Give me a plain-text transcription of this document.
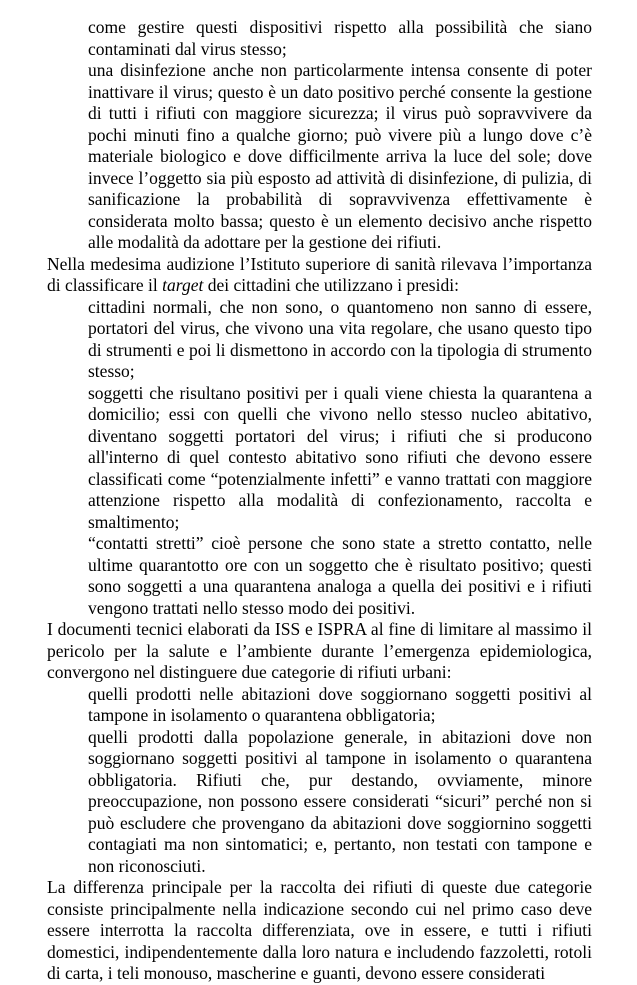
come gestire questi dispositivi rispetto alla possibilità che siano contaminati dal virus stesso;

una disinfezione anche non particolarmente intensa consente di poter inattivare il virus; questo è un dato positivo perché consente la gestione di tutti i rifiuti con maggiore sicurezza; il virus può sopravvivere da pochi minuti fino a qualche giorno; può vivere più a lungo dove c’è materiale biologico e dove difficilmente arriva la luce del sole; dove invece l’oggetto sia più esposto ad attività di disinfezione, di pulizia, di sanificazione la probabilità di sopravvivenza effettivamente è considerata molto bassa; questo è un elemento decisivo anche rispetto alle modalità da adottare per la gestione dei rifiuti.

Nella medesima audizione l’Istituto superiore di sanità rilevava l’importanza di classificare il target dei cittadini che utilizzano i presidi:

cittadini normali, che non sono, o quantomeno non sanno di essere, portatori del virus, che vivono una vita regolare, che usano questo tipo di strumenti e poi li dismettono in accordo con la tipologia di strumento stesso;

soggetti che risultano positivi per i quali viene chiesta la quarantena a domicilio; essi con quelli che vivono nello stesso nucleo abitativo, diventano soggetti portatori del virus; i rifiuti che si producono all'interno di quel contesto abitativo sono rifiuti che devono essere classificati come “potenzialmente infetti” e vanno trattati con maggiore attenzione rispetto alla modalità di confezionamento, raccolta e smaltimento;

“contatti stretti” cioè persone che sono state a stretto contatto, nelle ultime quarantotto ore con un soggetto che è risultato positivo; questi sono soggetti a una quarantena analoga a quella dei positivi e i rifiuti vengono trattati nello stesso modo dei positivi.

I documenti tecnici elaborati da ISS e ISPRA al fine di limitare al massimo il pericolo per la salute e l’ambiente durante l’emergenza epidemiologica, convergono nel distinguere due categorie di rifiuti urbani:

quelli prodotti nelle abitazioni dove soggiornano soggetti positivi al tampone in isolamento o quarantena obbligatoria;

quelli prodotti dalla popolazione generale, in abitazioni dove non soggiornano soggetti positivi al tampone in isolamento o quarantena obbligatoria. Rifiuti che, pur destando, ovviamente, minore preoccupazione, non possono essere considerati “sicuri” perché non si può escludere che provengano da abitazioni dove soggiornino soggetti contagiati ma non sintomatici; e, pertanto, non testati con tampone e non riconosciuti.

La differenza principale per la raccolta dei rifiuti di queste due categorie consiste principalmente nella indicazione secondo cui nel primo caso deve essere interrotta la raccolta differenziata, ove in essere, e tutti i rifiuti domestici, indipendentemente dalla loro natura e includendo fazzoletti, rotoli di carta, i teli monouso, mascherine e guanti, devono essere considerati
